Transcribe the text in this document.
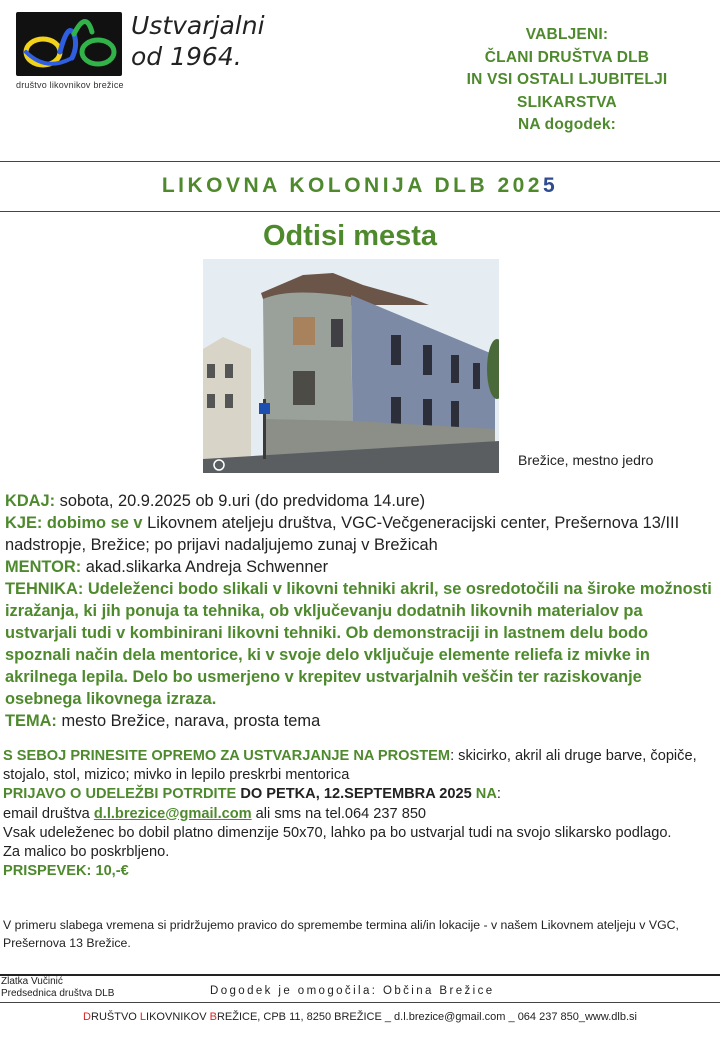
društvo likovnikov brežice
Ustvarjalni
od 1964.
VABLJENI:
ČLANI DRUŠTVA DLB
IN VSI OSTALI LJUBITELJI
SLIKARSTVA
NA dogodek:
LIKOVNA KOLONIJA DLB 2025
Odtisi mesta
Brežice, mestno jedro
KDAJ: sobota, 20.9.2025 ob 9.uri (do predvidoma 14.ure)
KJE: dobimo se v Likovnem ateljeju društva, VGC-Večgeneracijski center, Prešernova 13/III nadstropje, Brežice; po prijavi nadaljujemo zunaj v Brežicah
MENTOR: akad.slikarka Andreja Schwenner
TEHNIKA: Udeleženci bodo slikali v likovni tehniki akril, se osredotočili na široke možnosti izražanja, ki jih ponuja ta tehnika, ob vključevanju dodatnih likovnih materialov pa ustvarjali tudi v kombinirani likovni tehniki. Ob demonstraciji in lastnem delu bodo spoznali način dela mentorice, ki v svoje delo vključuje elemente reliefa iz mivke in akrilnega lepila. Delo bo usmerjeno v krepitev ustvarjalnih veščin ter raziskovanje osebnega likovnega izraza.
TEMA: mesto Brežice, narava, prosta tema
S SEBOJ PRINESITE OPREMO ZA USTVARJANJE NA PROSTEM: skicirko, akril ali druge barve, čopiče, stojalo, stol, mizico; mivko in lepilo preskrbi mentorica
PRIJAVO O UDELEŽBI POTRDITE DO PETKA, 12.SEPTEMBRA 2025 NA:
email društva d.l.brezice@gmail.com ali sms na tel.064 237 850
Vsak udeleženec bo dobil platno dimenzije 50x70, lahko pa bo ustvarjal tudi na svojo slikarsko podlago.
Za malico bo poskrbljeno.
PRISPEVEK: 10,-€
V primeru slabega vremena si pridržujemo pravico do spremembe termina ali/in lokacije - v našem Likovnem ateljeju v VGC, Prešernova 13 Brežice.
Zlatka Vučinić
Predsednica društva DLB	Dogodek je omogočila: Občina Brežice
DRUŠTVO LIKOVNIKOV BREŽICE, CPB 11, 8250 BREŽICE _ d.l.brezice@gmail.com _ 064 237 850_www.dlb.si
